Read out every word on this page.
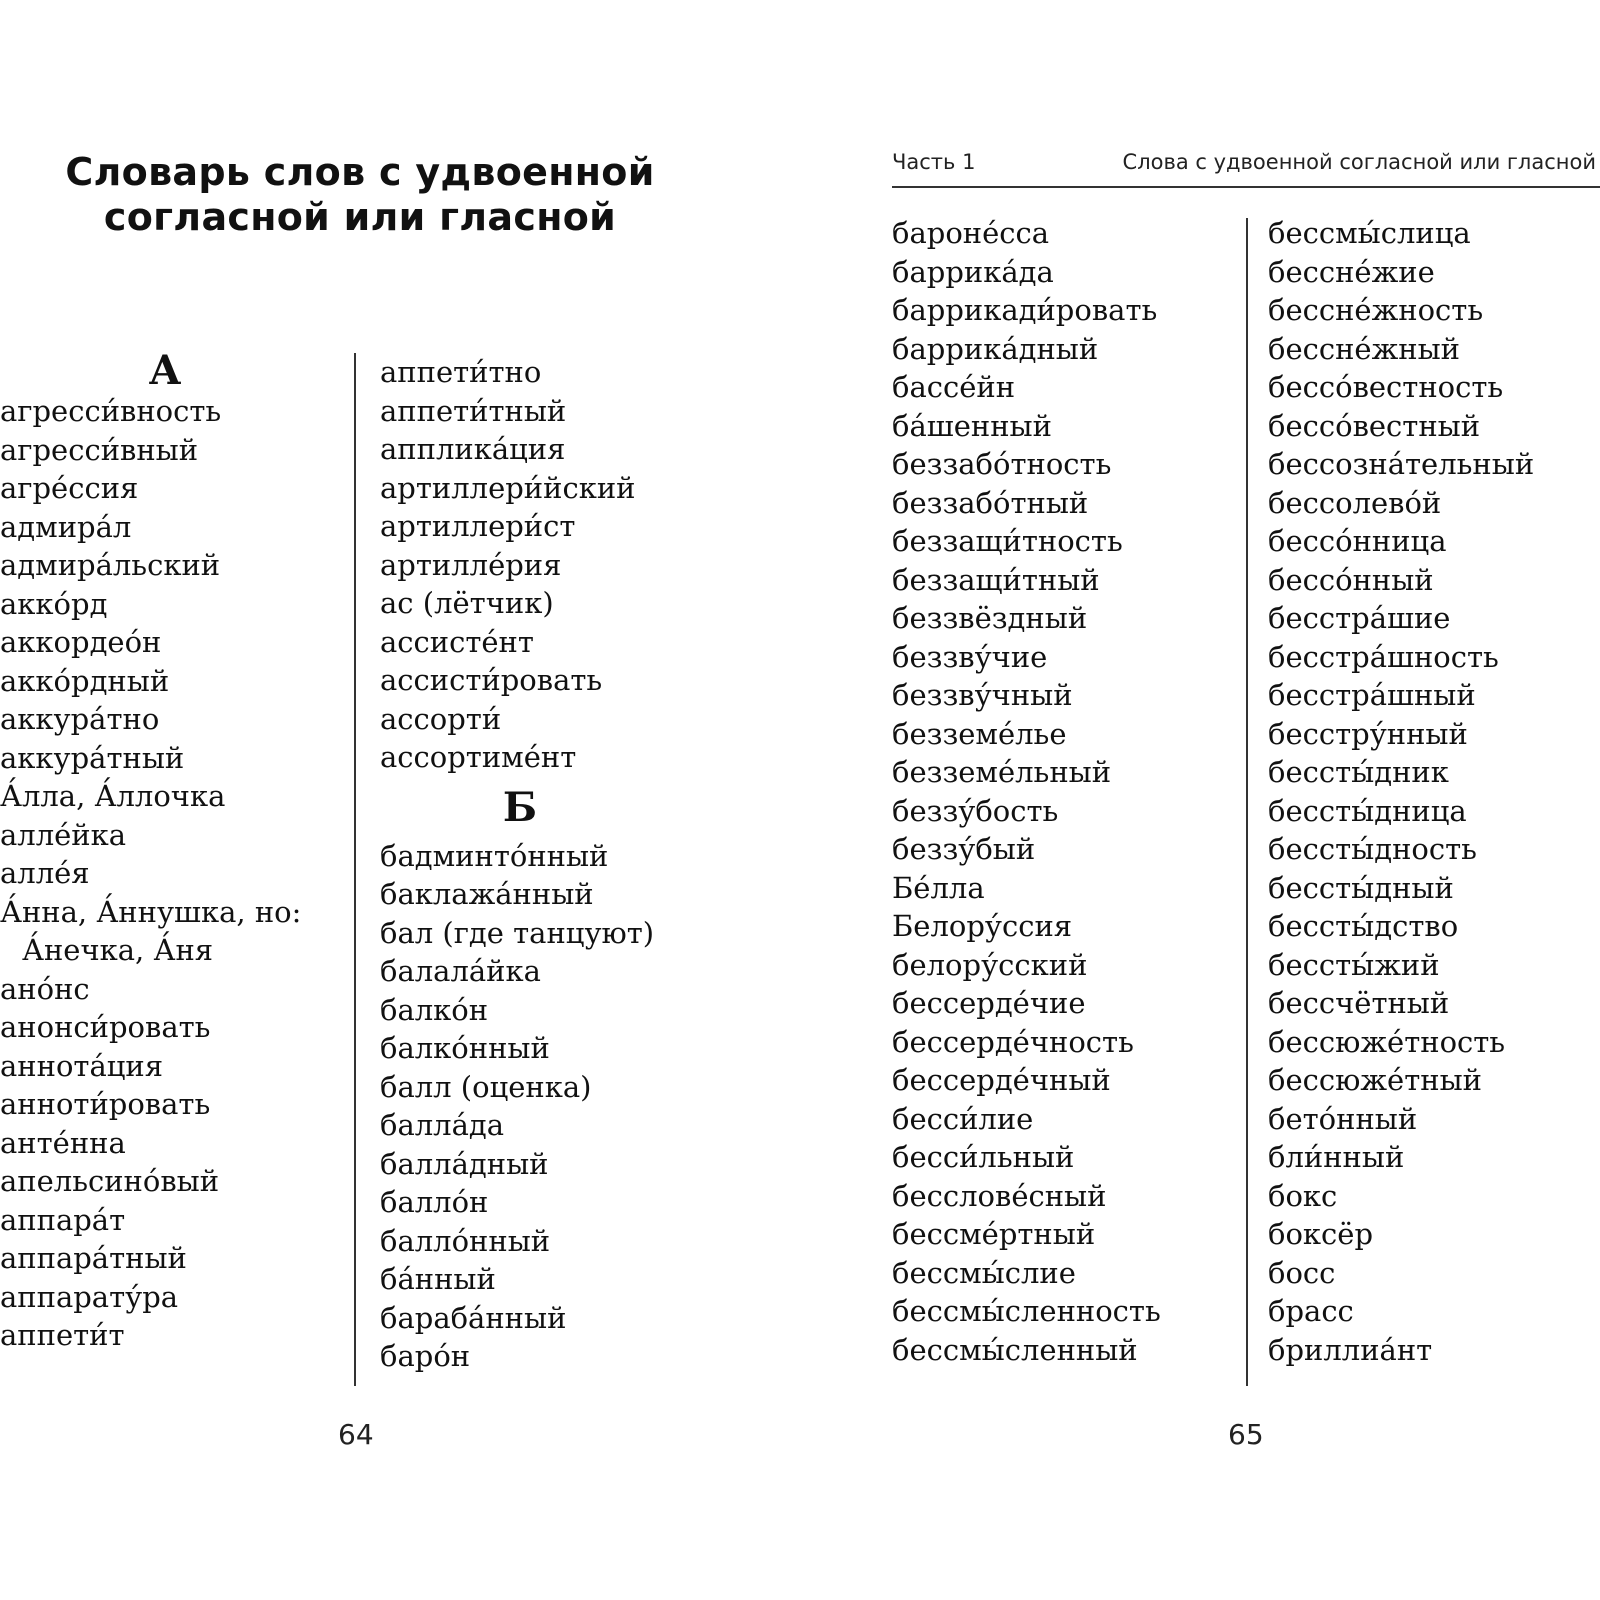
Словарь слов с удвоенной
согласной или гласной
А
агресси́вность
агресси́вный
агре́ссия
адмира́л
адмира́льский
акко́рд
аккордео́н
акко́рдный
аккура́тно
аккура́тный
А́лла, А́ллочка
алле́йка
алле́я
А́нна, А́ннушка, но:
А́нечка, А́ня
ано́нс
анонси́ровать
аннота́ция
аннoти́ровать
анте́нна
апельсино́вый
аппара́т
аппара́тный
аппарату́ра
аппети́т
аппети́тно
аппети́тный
апплика́ция
артиллери́йский
артиллери́ст
артилле́рия
ас (лётчик)
ассисте́нт
ассисти́ровать
ассорти́
ассортиме́нт
Б
бадминто́нный
баклажа́нный
бал (где танцуют)
балала́йка
балко́н
балко́нный
балл (оценка)
балла́да
балла́дный
балло́н
балло́нный
ба́нный
бараба́нный
баро́н
64
Часть 1	Слова с удвоенной согласной или гласной
бароне́сса
баррика́да
баррикади́ровать
баррика́дный
бассе́йн
ба́шенный
беззабо́тность
беззабо́тный
беззащи́тность
беззащи́тный
беззвёздный
беззву́чие
беззву́чный
беззeме́лье
беззeме́льный
беззу́бость
беззу́бый
Бе́лла
Белору́ссия
белору́сский
бессерде́чие
бессерде́чность
бессерде́чный
бесси́лие
бесси́льный
бессловéсный
бессме́ртный
бессмы́слие
бессмы́сленность
бессмы́сленный
бессмы́слица
бессне́жие
бессне́жность
бессне́жный
бессо́вестность
бессо́вестный
бессозна́тельный
бессолево́й
бессо́нница
бессо́нный
бесстра́шие
бесстра́шность
бесстра́шный
бесстру́нный
бессты́дник
бессты́дница
бессты́дность
бессты́дный
бессты́дство
бессты́жий
бессчётный
бессюже́тность
бессюже́тный
бето́нный
бли́нный
бокс
боксёр
босс
брасс
бриллиа́нт
65
